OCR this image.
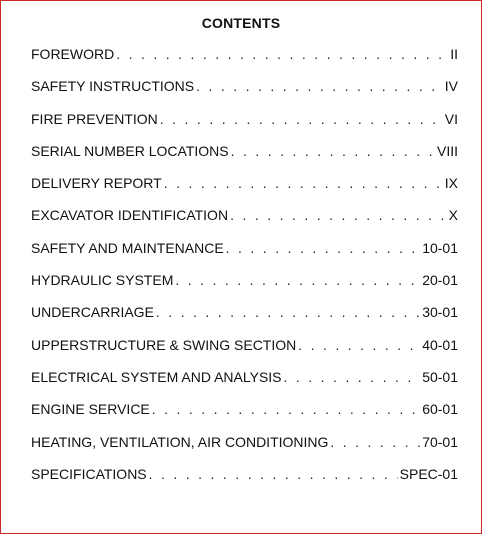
CONTENTS
FOREWORD . . .	II
SAFETY INSTRUCTIONS . . .	IV
FIRE PREVENTION . . .	VI
SERIAL NUMBER LOCATIONS . . .	VIII
DELIVERY REPORT . . .	IX
EXCAVATOR IDENTIFICATION . . .	X
SAFETY AND MAINTENANCE . . .	10-01
HYDRAULIC SYSTEM . . .	20-01
UNDERCARRIAGE . . .	30-01
UPPERSTRUCTURE & SWING SECTION . . .	40-01
ELECTRICAL SYSTEM AND ANALYSIS . . .	50-01
ENGINE SERVICE . . .	60-01
HEATING, VENTILATION, AIR CONDITIONING . . .	70-01
SPECIFICATIONS . . .	SPEC-01
